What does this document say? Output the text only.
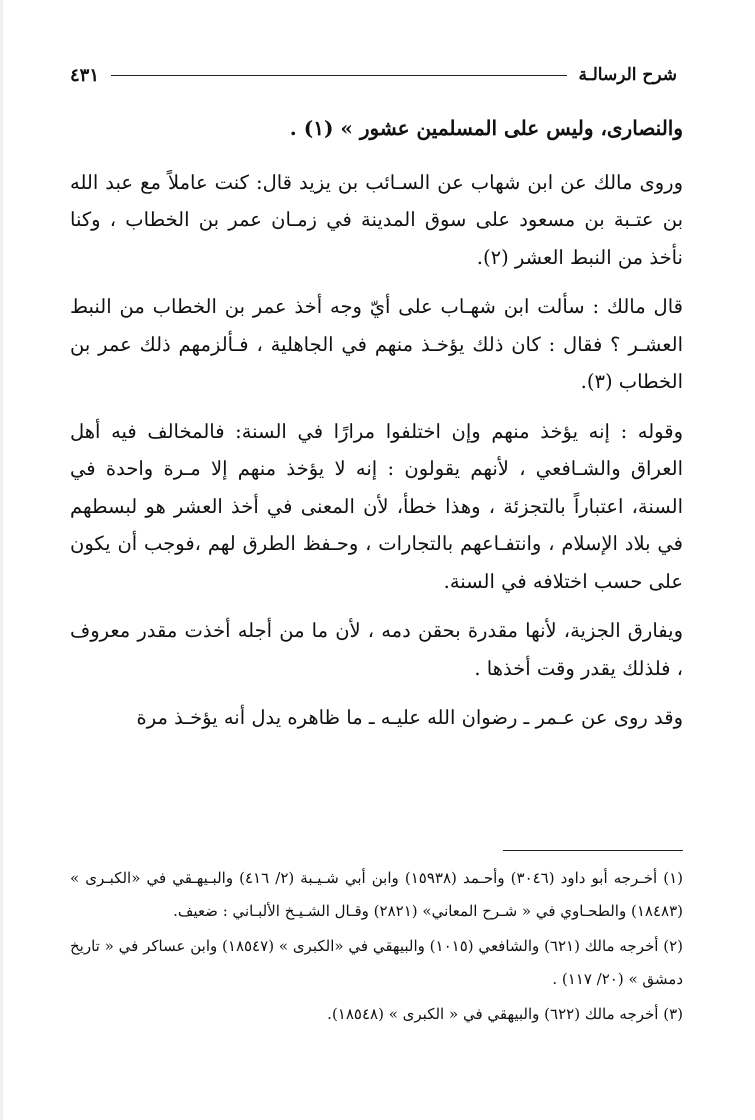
شرح الرسالـة
٤٣١

والنصارى، وليس على المسلمين عشور » (١) .

وروى مالك عن ابن شهاب عن السـائب بن يزيد قال: كنت عاملاً مع عبد الله بن عتـبة بن مسعود على سوق المدينة في زمـان عمر بن الخطاب ، وكنا نأخذ من النبط العشر (٢).

قال مالك : سألت ابن شهـاب على أيّ وجه أخذ عمر بن الخطاب من النبط العشـر ؟ فقال : كان ذلك يؤخـذ منهم في الجاهلية ، فـألزمهم ذلك عمر بن الخطاب (٣).

وقوله : إنه يؤخذ منهم وإن اختلفوا مرارًا في السنة: فالمخالف فيه أهل العراق والشـافعي ، لأنهم يقولون : إنه لا يؤخذ منهم إلا مـرة واحدة في السنة، اعتباراً بالتجزئة ، وهذا خطأ، لأن المعنى في أخذ العشر هو لبسطهم في بلاد الإسلام ، وانتفـاعهم بالتجارات ، وحـفظ الطرق لهم ،فوجب أن يكون على حسب اختلافه في السنة.

ويفارق الجزية، لأنها مقدرة بحقن دمه ، لأن ما من أجله أخذت مقدر معروف ، فلذلك يقدر وقت أخذها .

وقد روى عن عـمر ـ رضوان الله عليـه ـ ما ظاهره يدل أنه يؤخـذ مرة

(١) أخـرجه أبو داود (٣٠٤٦) وأحـمد (١٥٩٣٨) وابن أبي شـيـبة (٢/ ٤١٦) والبـيهـقي في «الكبـرى » (١٨٤٨٣) والطحـاوي في « شـرح المعاني» (٢٨٢١) وقـال الشـيـخ الألبـاني : ضعيف.

(٢) أخرجه مالك (٦٢١) والشافعي (١٠١٥) والبيهقي في «الكبرى » (١٨٥٤٧) وابن عساكر في « تاريخ دمشق » (٢٠/ ١١٧) .

(٣) أخرجه مالك (٦٢٢) والبيهقي في « الكبرى » (١٨٥٤٨).
